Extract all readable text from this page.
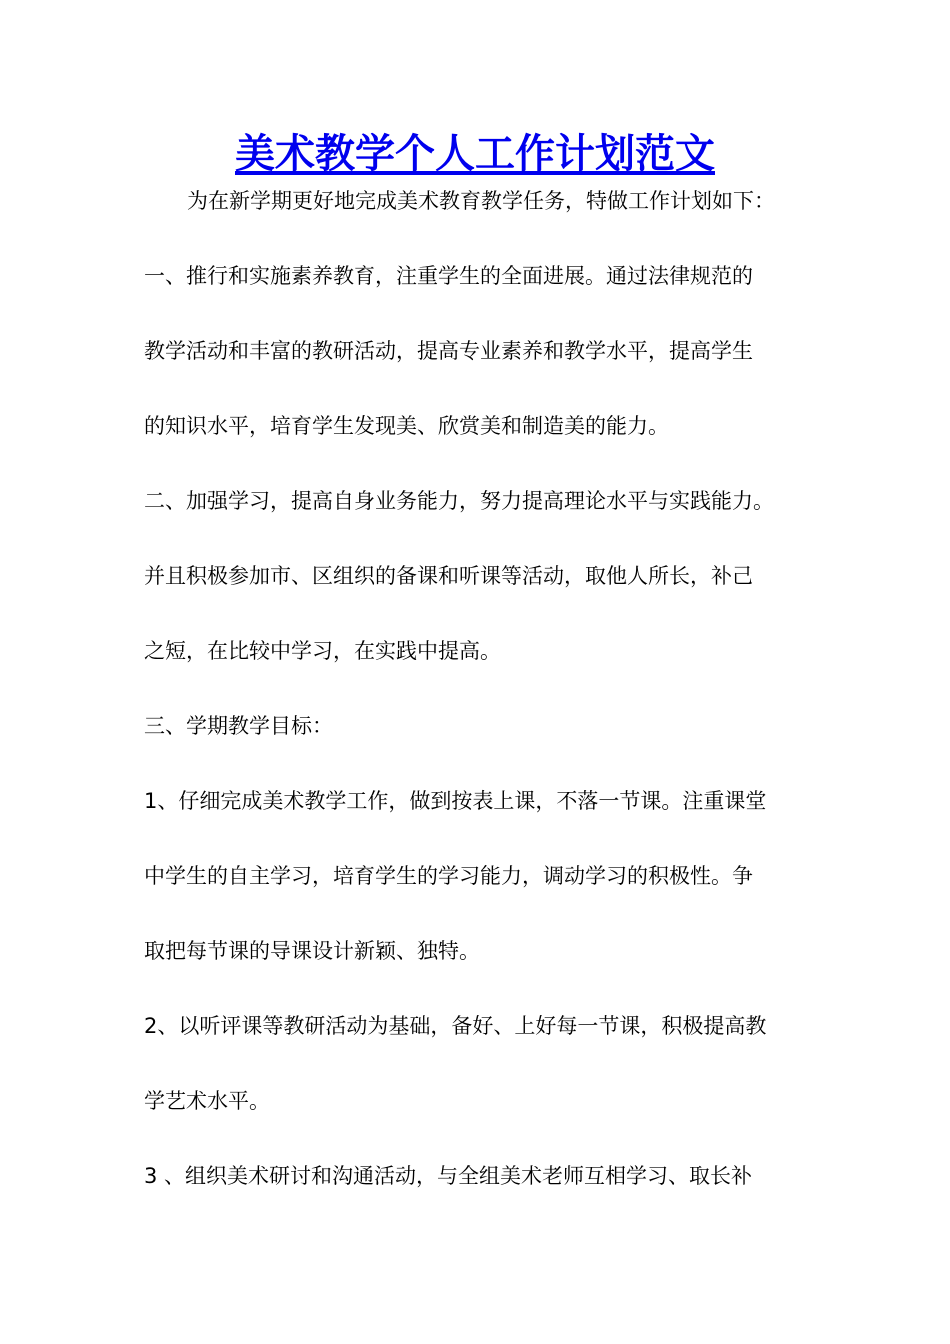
美术教学个人工作计划范文

为在新学期更好地完成美术教育教学任务，特做工作计划如下：

一、推行和实施素养教育，注重学生的全面进展。通过法律规范的

教学活动和丰富的教研活动，提高专业素养和教学水平，提高学生

的知识水平，培育学生发现美、欣赏美和制造美的能力。

二、加强学习，提高自身业务能力，努力提高理论水平与实践能力。

并且积极参加市、区组织的备课和听课等活动，取他人所长，补己

之短，在比较中学习，在实践中提高。

三、学期教学目标：

1、仔细完成美术教学工作，做到按表上课，不落一节课。注重课堂

中学生的自主学习，培育学生的学习能力，调动学习的积极性。争

取把每节课的导课设计新颖、独特。

2、以听评课等教研活动为基础，备好、上好每一节课，积极提高教

学艺术水平。

3 、组织美术研讨和沟通活动，与全组美术老师互相学习、取长补
